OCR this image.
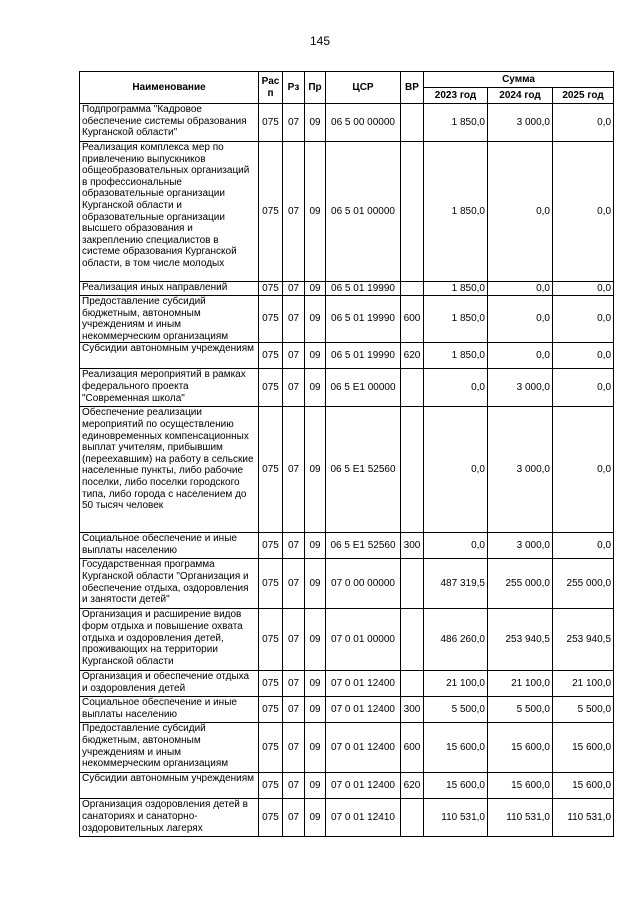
145
Наименование	Рас п	Рз	Пр	ЦСР	ВР	Сумма		
						2023 год	2024 год	2025 год
Подпрограмма "Кадровое обеспечение системы образования Курганской области"	075	07	09	06 5 00 00000		1 850,0	3 000,0	0,0
Реализация комплекса мер по привлечению выпускников общеобразовательных организаций в профессиональные образовательные организации Курганской области и образовательные организации высшего образования и закреплению специалистов в системе образования Курганской области, в том числе молодых	075	07	09	06 5 01 00000		1 850,0	0,0	0,0
Реализация иных направлений	075	07	09	06 5 01 19990		1 850,0	0,0	0,0
Предоставление субсидий бюджетным, автономным учреждениям и иным некоммерческим организациям	075	07	09	06 5 01 19990	600	1 850,0	0,0	0,0
Субсидии автономным учреждениям	075	07	09	06 5 01 19990	620	1 850,0	0,0	0,0
Реализация мероприятий в рамках федерального проекта "Современная школа"	075	07	09	06 5 E1 00000		0,0	3 000,0	0,0
Обеспечение реализации мероприятий по осуществлению единовременных компенсационных выплат учителям, прибывшим (переехавшим) на работу в сельские населенные пункты, либо рабочие поселки, либо поселки городского типа, либо города с населением до 50 тысяч человек	075	07	09	06 5 E1 52560		0,0	3 000,0	0,0
Социальное обеспечение и иные выплаты населению	075	07	09	06 5 E1 52560	300	0,0	3 000,0	0,0
Государственная программа Курганской области "Организация и обеспечение отдыха, оздоровления и занятости детей"	075	07	09	07 0 00 00000		487 319,5	255 000,0	255 000,0
Организация и расширение видов форм отдыха и повышение охвата отдыха и оздоровления детей, проживающих на территории Курганской области	075	07	09	07 0 01 00000		486 260,0	253 940,5	253 940,5
Организация и обеспечение отдыха и оздоровления детей	075	07	09	07 0 01 12400		21 100,0	21 100,0	21 100,0
Социальное обеспечение и иные выплаты населению	075	07	09	07 0 01 12400	300	5 500,0	5 500,0	5 500,0
Предоставление субсидий бюджетным, автономным учреждениям и иным некоммерческим организациям	075	07	09	07 0 01 12400	600	15 600,0	15 600,0	15 600,0
Субсидии автономным учреждениям	075	07	09	07 0 01 12400	620	15 600,0	15 600,0	15 600,0
Организация оздоровления детей в санаториях и санаторно-оздоровительных лагерях	075	07	09	07 0 01 12410		110 531,0	110 531,0	110 531,0
